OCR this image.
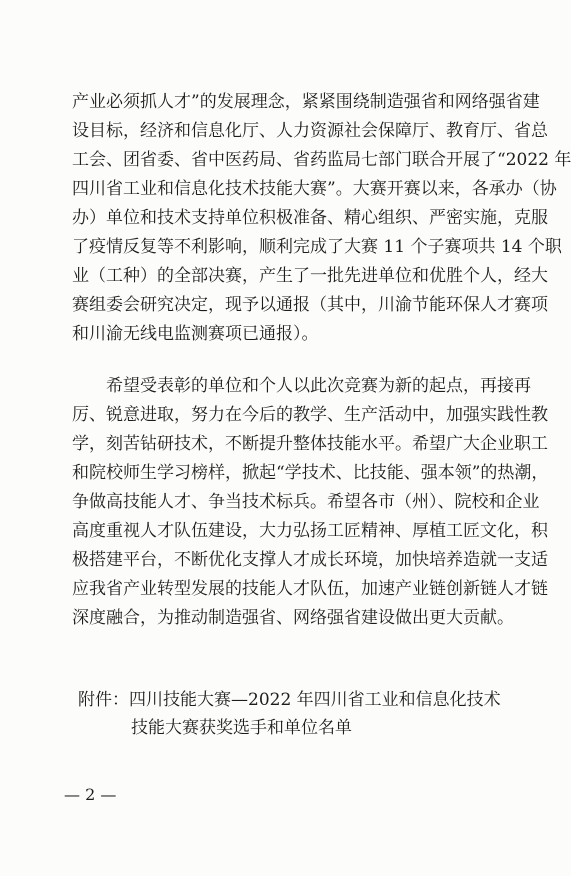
产业必须抓人才”的发展理念，紧紧围绕制造强省和网络强省建
设目标，经济和信息化厅、人力资源社会保障厅、教育厅、省总
工会、团省委、省中医药局、省药监局七部门联合开展了“2022 年
四川省工业和信息化技术技能大赛”。大赛开赛以来，各承办（协
办）单位和技术支持单位积极准备、精心组织、严密实施，克服
了疫情反复等不利影响，顺利完成了大赛 11 个子赛项共 14 个职
业（工种）的全部决赛，产生了一批先进单位和优胜个人，经大
赛组委会研究决定，现予以通报（其中，川渝节能环保人才赛项
和川渝无线电监测赛项已通报）。
希望受表彰的单位和个人以此次竞赛为新的起点，再接再
厉、锐意进取，努力在今后的教学、生产活动中，加强实践性教
学，刻苦钻研技术，不断提升整体技能水平。希望广大企业职工
和院校师生学习榜样，掀起“学技术、比技能、强本领”的热潮，
争做高技能人才、争当技术标兵。希望各市（州）、院校和企业
高度重视人才队伍建设，大力弘扬工匠精神、厚植工匠文化，积
极搭建平台，不断优化支撑人才成长环境，加快培养造就一支适
应我省产业转型发展的技能人才队伍，加速产业链创新链人才链
深度融合，为推动制造强省、网络强省建设做出更大贡献。
附件：四川技能大赛—2022 年四川省工业和信息化技术
技能大赛获奖选手和单位名单
— 2 —
